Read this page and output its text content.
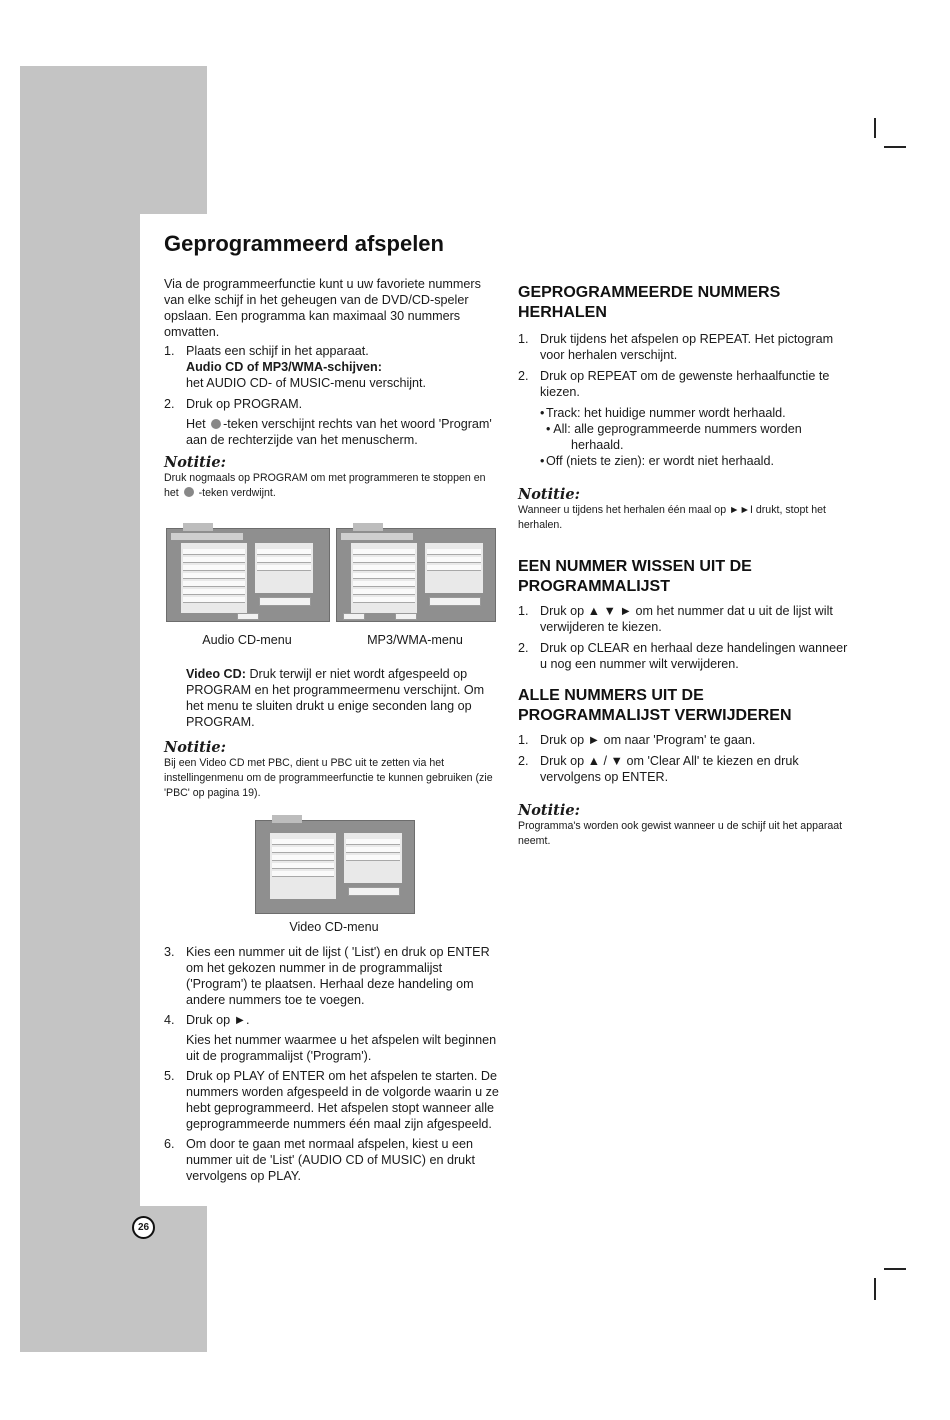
Geprogrammeerd afspelen

Via de programmeerfunctie kunt u uw favoriete nummers van elke schijf in het geheugen van de DVD/CD-speler opslaan. Een programma kan maximaal 30 nummers omvatten.

1. Plaats een schijf in het apparaat.

Audio CD of MP3/WMA-schijven:

het AUDIO CD- of MUSIC-menu verschijnt.

2. Druk op PROGRAM.

Het -teken verschijnt rechts van het woord 'Program' aan de rechterzijde van het menuscherm.

Notitie:

Druk nogmaals op PROGRAM om met programmeren te stoppen en het -teken verdwijnt.

Audio CD-menu	MP3/WMA-menu

Video CD: Druk terwijl er niet wordt afgespeeld op PROGRAM en het programmeermenu verschijnt. Om het menu te sluiten drukt u enige seconden lang op PROGRAM.

Notitie:

Bij een Video CD met PBC, dient u PBC uit te zetten via het instellingenmenu om de programmeerfunctie te kunnen gebruiken (zie 'PBC' op pagina 19).

Video CD-menu
3. Kies een nummer uit de lijst ( 'List') en druk op ENTER om het gekozen nummer in de programmalijst ('Program') te plaatsen. Herhaal deze handeling om andere nummers toe te voegen.

4. Druk op ►.

Kies het nummer waarmee u het afspelen wilt beginnen uit de programmalijst ('Program').

5. Druk op PLAY of ENTER om het afspelen te starten. De nummers worden afgespeeld in de volgorde waarin u ze hebt geprogrammeerd. Het afspelen stopt wanneer alle geprogrammeerde nummers één maal zijn afgespeeld.

6. Om door te gaan met normaal afspelen, kiest u een nummer uit de 'List' (AUDIO CD of MUSIC) en drukt vervolgens op PLAY.

GEPROGRAMMEERDE NUMMERS HERHALEN
1. Druk tijdens het afspelen op REPEAT. Het pictogram voor herhalen verschijnt.

2. Druk op REPEAT om de gewenste herhaalfunctie te kiezen.

• Track: het huidige nummer wordt herhaald.
• All: alle geprogrammeerde nummers worden herhaald.
• Off (niets te zien): er wordt niet herhaald.

Notitie:

Wanneer u tijdens het herhalen één maal op ►►I drukt, stopt het herhalen.

EEN NUMMER WISSEN UIT DE PROGRAMMALIJST
1. Druk op ▲ ▼ ► om het nummer dat u uit de lijst wilt verwijderen te kiezen.

2. Druk op CLEAR en herhaal deze handelingen wanneer u nog een nummer wilt verwijderen.

ALLE NUMMERS UIT DE PROGRAMMALIJST VERWIJDEREN
1. Druk op ► om naar 'Program' te gaan.

2. Druk op ▲ / ▼ om 'Clear All' te kiezen en druk vervolgens op ENTER.

Notitie:

Programma's worden ook gewist wanneer u de schijf uit het apparaat neemt.

26
